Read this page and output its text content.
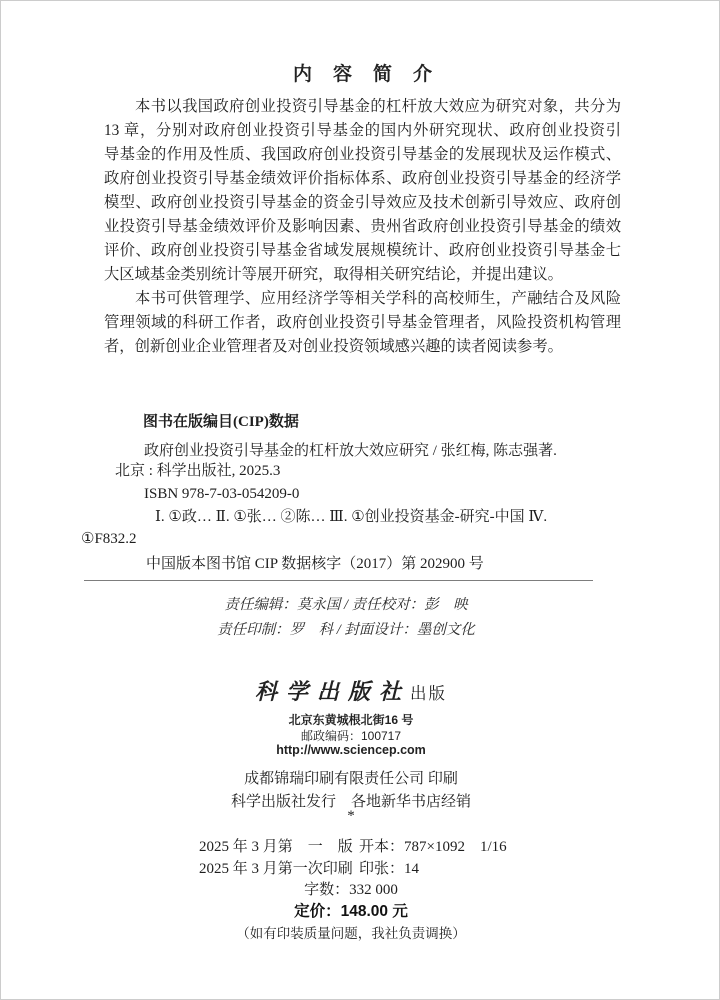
内容简介
本书以我国政府创业投资引导基金的杠杆放大效应为研究对象，共分为
13 章，分别对政府创业投资引导基金的国内外研究现状、政府创业投资引
导基金的作用及性质、我国政府创业投资引导基金的发展现状及运作模式、
政府创业投资引导基金绩效评价指标体系、政府创业投资引导基金的经济学
模型、政府创业投资引导基金的资金引导效应及技术创新引导效应、政府创
业投资引导基金绩效评价及影响因素、贵州省政府创业投资引导基金的绩效
评价、政府创业投资引导基金省域发展规模统计、政府创业投资引导基金七
大区域基金类别统计等展开研究，取得相关研究结论，并提出建议。
本书可供管理学、应用经济学等相关学科的高校师生，产融结合及风险
管理领域的科研工作者，政府创业投资引导基金管理者，风险投资机构管理
者，创新创业企业管理者及对创业投资领域感兴趣的读者阅读参考。
图书在版编目(CIP)数据
政府创业投资引导基金的杠杆放大效应研究 / 张红梅, 陈志强著.
北京 : 科学出版社, 2025.3
ISBN 978-7-03-054209-0
Ⅰ. ①政… Ⅱ. ①张… ②陈… Ⅲ. ①创业投资基金-研究-中国 Ⅳ.
①F832.2
中国版本图书馆 CIP 数据核字（2017）第 202900 号
责任编辑：莫永国 / 责任校对：彭　映
责任印制：罗　科 / 封面设计：墨创文化
科学出版社出版
北京东黄城根北街16 号
邮政编码：100717
http://www.sciencep.com
成都锦瑞印刷有限责任公司 印刷
科学出版社发行　各地新华书店经销
*
2025 年 3 月第　一　版 开本：787×1092　1/16
2025 年 3 月第一次印刷 印张：14
字数：332 000
定价：148.00 元
（如有印装质量问题，我社负责调换）
